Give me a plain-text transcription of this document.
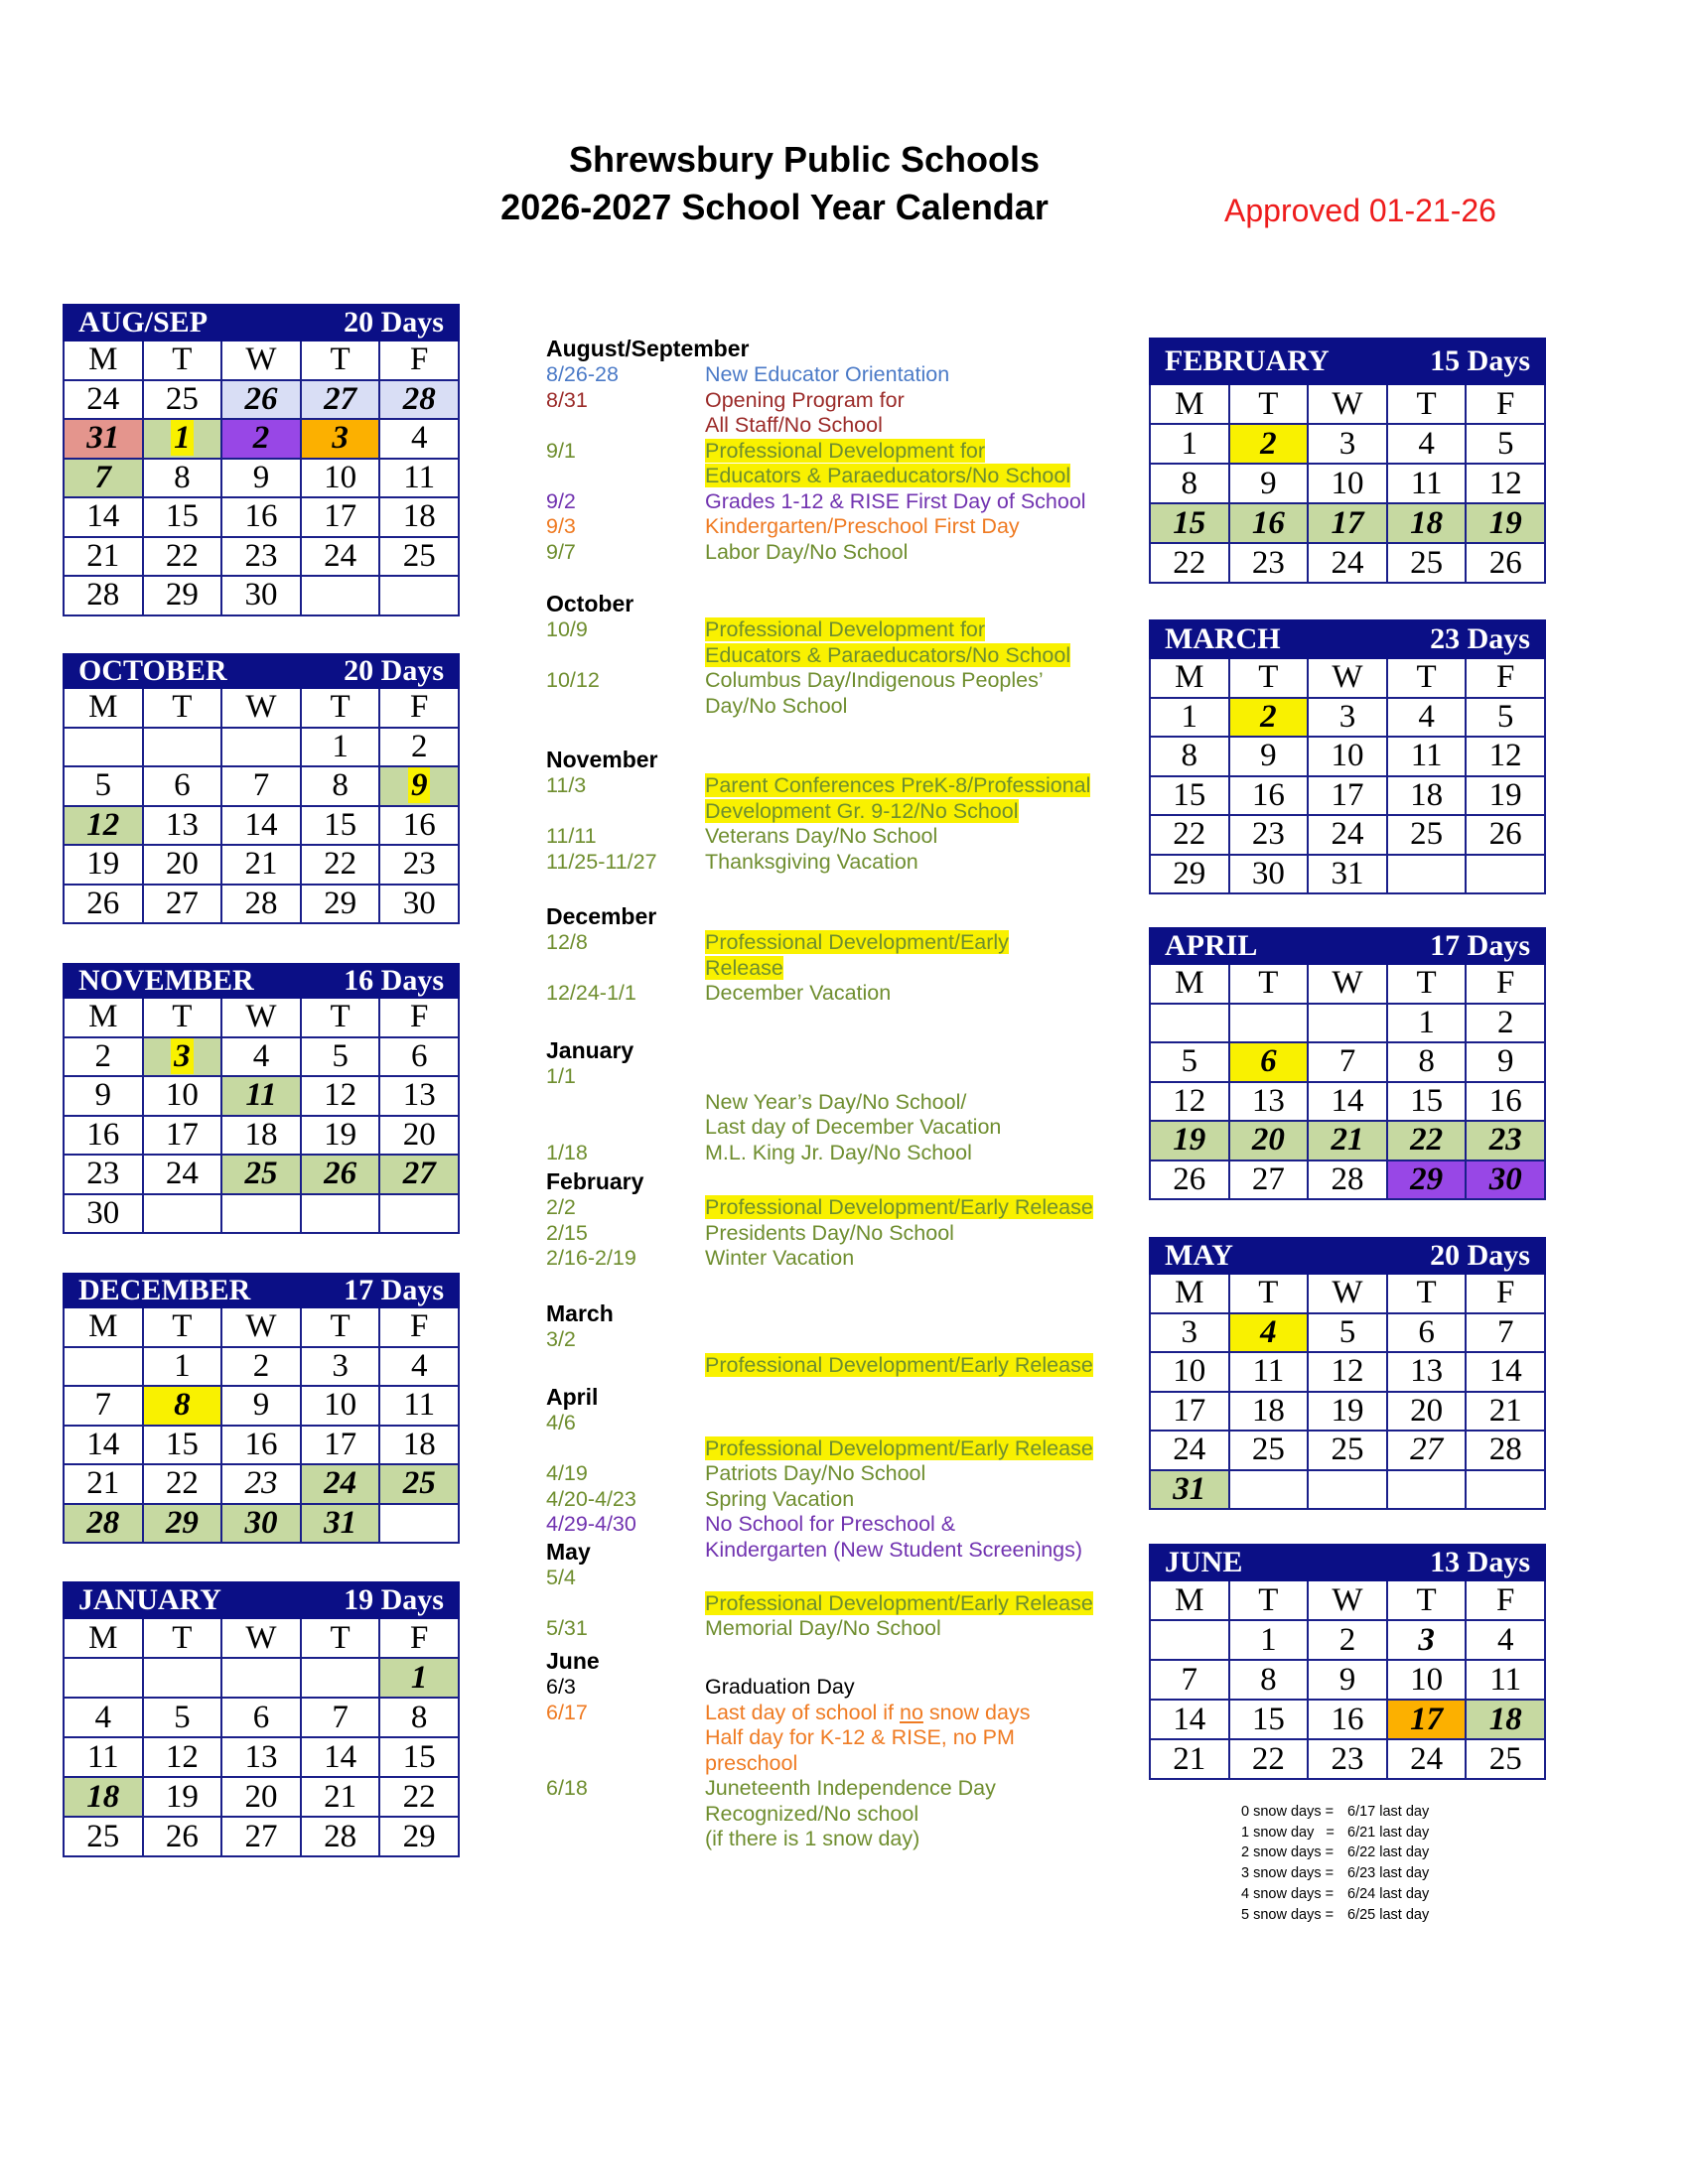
Shrewsbury Public Schools
2026-2027 School Year Calendar	Approved 01-21-26
AUG/SEP			20 Days	
M	T	W	T	F
24	25	26	27	28
31	1	2	3	4
7	8	9	10	11
14	15	16	17	18
21	22	23	24	25
28	29	30		
OCTOBER			20 Days	
M	T	W	T	F
			1	2
5	6	7	8	9
12	13	14	15	16
19	20	21	22	23
26	27	28	29	30
NOVEMBER			16 Days	
M	T	W	T	F
2	3	4	5	6
9	10	11	12	13
16	17	18	19	20
23	24	25	26	27
30				
DECEMBER			17 Days	
M	T	W	T	F
	1	2	3	4
7	8	9	10	11
14	15	16	17	18
21	22	23	24	25
28	29	30	31	
JANUARY			19 Days	
M	T	W	T	F
				1
4	5	6	7	8
11	12	13	14	15
18	19	20	21	22
25	26	27	28	29
FEBRUARY			15 Days	
M	T	W	T	F
1	2	3	4	5
8	9	10	11	12
15	16	17	18	19
22	23	24	25	26
MARCH			23 Days	
M	T	W	T	F
1	2	3	4	5
8	9	10	11	12
15	16	17	18	19
22	23	24	25	26
29	30	31		
APRIL			17 Days	
M	T	W	T	F
			1	2
5	6	7	8	9
12	13	14	15	16
19	20	21	22	23
26	27	28	29	30
MAY			20 Days	
M	T	W	T	F
3	4	5	6	7
10	11	12	13	14
17	18	19	20	21
24	25	25	27	28
31				
JUNE			13 Days	
M	T	W	T	F
	1	2	3	4
7	8	9	10	11
14	15	16	17	18
21	22	23	24	25
August/September
8/26-28	New Educator Orientation
8/31	Opening Program for
All Staff/No School
9/1	Professional Development for
Educators & Paraeducators/No School
9/2	Grades 1-12 & RISE First Day of School
9/3	Kindergarten/Preschool First Day
9/7	Labor Day/No School
October
10/9	Professional Development for
Educators & Paraeducators/No School
10/12	Columbus Day/Indigenous Peoples’
Day/No School
November
11/3	Parent Conferences PreK-8/Professional
Development Gr. 9-12/No School
11/11	Veterans Day/No School
11/25-11/27	Thanksgiving Vacation
December
12/8	Professional Development/Early
Release
12/24-1/1	December Vacation
January
1/1

New Year’s Day/No School/
Last day of December Vacation
1/18	M.L. King Jr. Day/No School
February
2/2	Professional Development/Early Release
2/15	Presidents Day/No School
2/16-2/19	Winter Vacation
March
3/2

Professional Development/Early Release
April
4/6

Professional Development/Early Release
4/19	Patriots Day/No School
4/20-4/23	Spring Vacation
4/29-4/30	No School for Preschool &
Kindergarten (New Student Screenings)
May
5/4

Professional Development/Early Release
5/31	Memorial Day/No School
June
6/3	Graduation Day
6/17	Last day of school if no snow days
Half day for K-12 & RISE, no PM
preschool
6/18	Juneteenth Independence Day
Recognized/No school
(if there is 1 snow day)
0 snow days = 6/17 last day
1 snow day   = 6/21 last day
2 snow days = 6/22 last day
3 snow days = 6/23 last day
4 snow days = 6/24 last day
5 snow days = 6/25 last day
